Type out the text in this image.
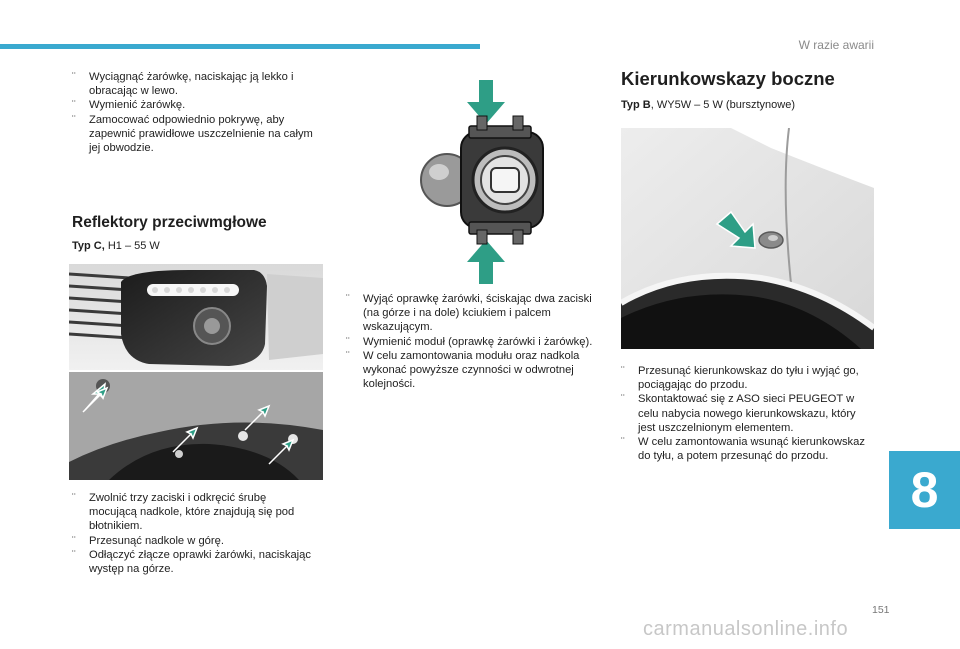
W razie awarii
¨ Wyciągnąć żarówkę, naciskając ją lekko i obracając w lewo.
¨ Wymienić żarówkę.
¨ Zamocować odpowiednio pokrywę, aby zapewnić prawidłowe uszczelnienie na całym jej obwodzie.
Reflektory przeciwmgłowe
Typ C, H1 – 55 W
¨ Zwolnić trzy zaciski i odkręcić śrubę mocującą nadkole, które znajdują się pod błotnikiem.
¨ Przesunąć nadkole w górę.
¨ Odłączyć złącze oprawki żarówki, naciskając występ na górze.
¨ Wyjąć oprawkę żarówki, ściskając dwa zaciski (na górze i na dole) kciukiem i palcem wskazującym.
¨ Wymienić moduł (oprawkę żarówki i żarówkę).
¨ W celu zamontowania modułu oraz nadkola wykonać powyższe czynności w odwrotnej kolejności.
Kierunkowskazy boczne
Typ B, WY5W – 5 W (bursztynowe)
¨ Przesunąć kierunkowskaz do tyłu i wyjąć go, pociągając do przodu.
¨ Skontaktować się z ASO sieci PEUGEOT w celu nabycia nowego kierunkowskazu, który jest uszczelnionym elementem.
¨ W celu zamontowania wsunąć kierunkowskaz do tyłu, a potem przesunąć do przodu.
8
151
carmanualsonline.info
